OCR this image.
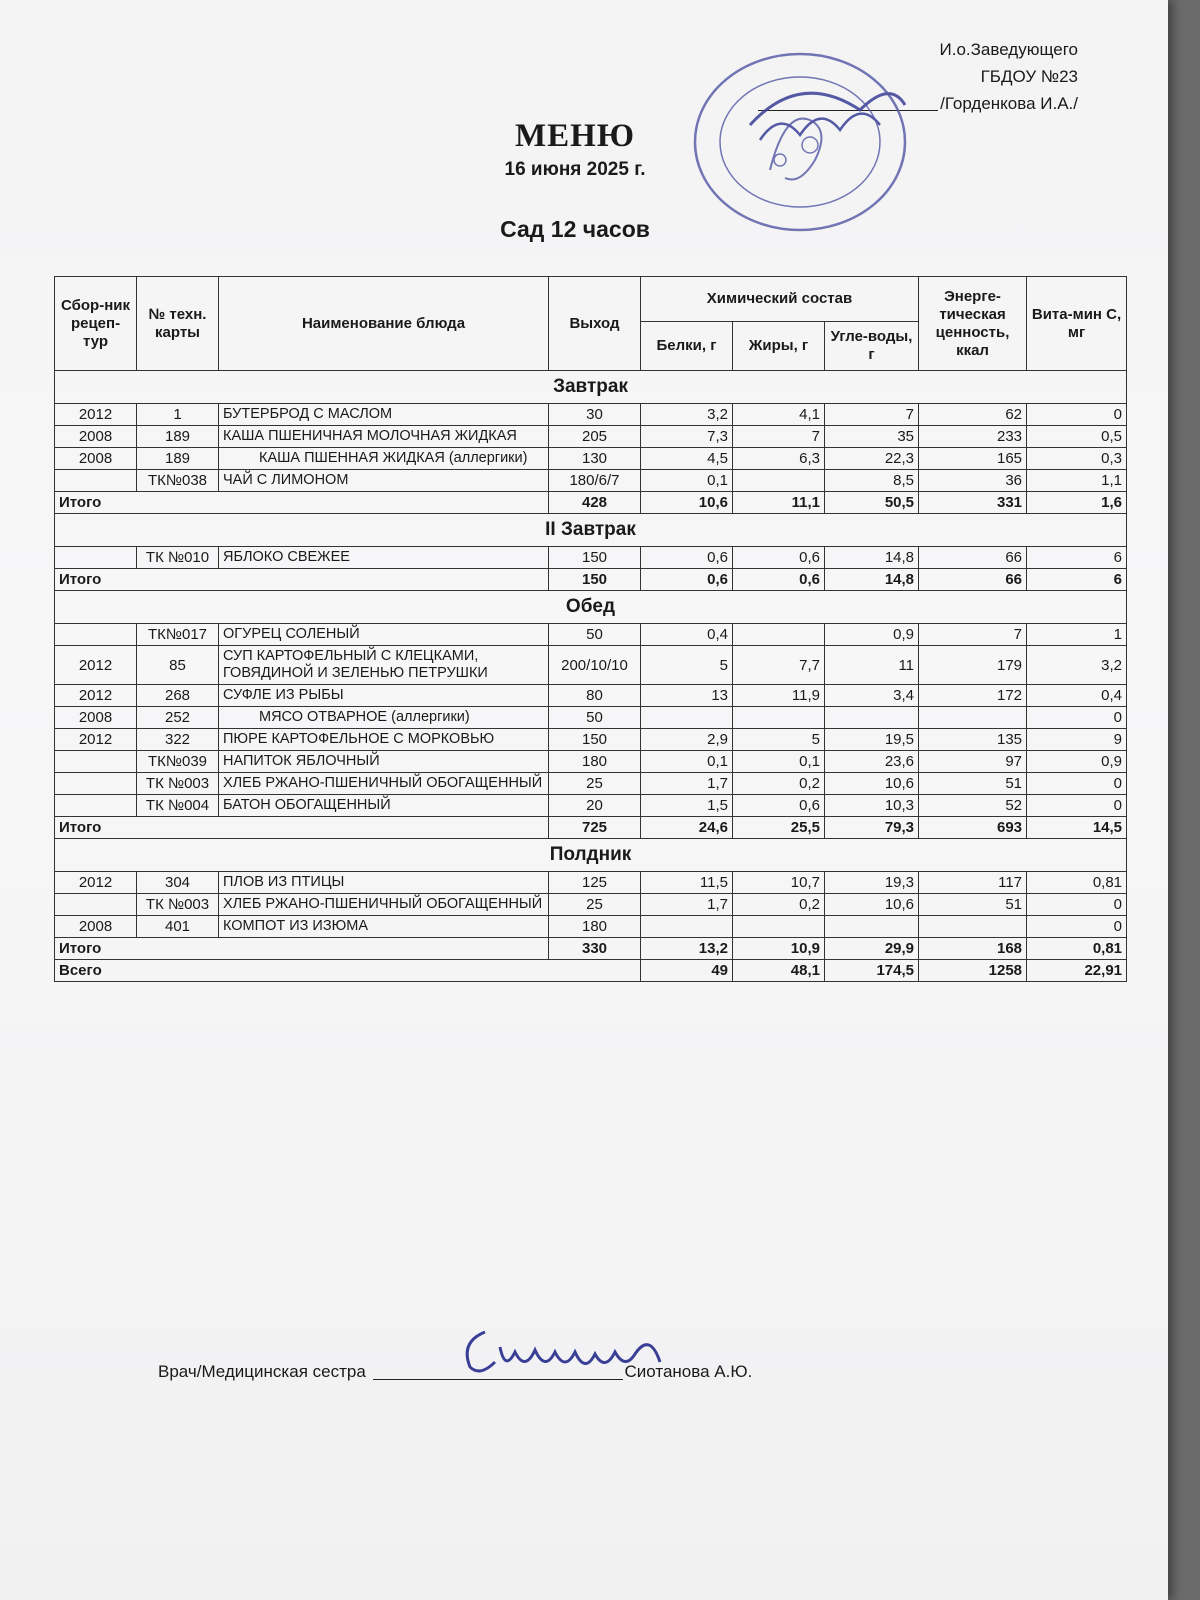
И.о.Заведующего
ГБДОУ №23
/Горденкова И.А./
МЕНЮ
16 июня 2025 г.
Сад 12 часов
Сбор-ник рецеп-тур	№ техн. карты	Наименование блюда	Выход	Химический состав			Энерге-тическая ценность, ккал	Вита-мин С, мг
				Белки, г	Жиры, г	Угле-воды, г		
Завтрак								
2012	1	БУТЕРБРОД С МАСЛОМ	30	3,2	4,1	7	62	0
2008	189	КАША ПШЕНИЧНАЯ МОЛОЧНАЯ ЖИДКАЯ	205	7,3	7	35	233	0,5
2008	189	КАША ПШЕННАЯ ЖИДКАЯ (аллергики)	130	4,5	6,3	22,3	165	0,3
	ТК№038	ЧАЙ С ЛИМОНОМ	180/6/7	0,1		8,5	36	1,1
Итого			428	10,6	11,1	50,5	331	1,6
II Завтрак								
	ТК №010	ЯБЛОКО СВЕЖЕЕ	150	0,6	0,6	14,8	66	6
Итого			150	0,6	0,6	14,8	66	6
Обед								
	ТК№017	ОГУРЕЦ СОЛЕНЫЙ	50	0,4		0,9	7	1
2012	85	СУП КАРТОФЕЛЬНЫЙ С КЛЕЦКАМИ, ГОВЯДИНОЙ И ЗЕЛЕНЬЮ ПЕТРУШКИ	200/10/10	5	7,7	11	179	3,2
2012	268	СУФЛЕ ИЗ РЫБЫ	80	13	11,9	3,4	172	0,4
2008	252	МЯСО ОТВАРНОЕ (аллергики)	50					0
2012	322	ПЮРЕ КАРТОФЕЛЬНОЕ С МОРКОВЬЮ	150	2,9	5	19,5	135	9
	ТК№039	НАПИТОК ЯБЛОЧНЫЙ	180	0,1	0,1	23,6	97	0,9
	ТК №003	ХЛЕБ РЖАНО-ПШЕНИЧНЫЙ ОБОГАЩЕННЫЙ	25	1,7	0,2	10,6	51	0
	ТК №004	БАТОН ОБОГАЩЕННЫЙ	20	1,5	0,6	10,3	52	0
Итого			725	24,6	25,5	79,3	693	14,5
Полдник								
2012	304	ПЛОВ ИЗ ПТИЦЫ	125	11,5	10,7	19,3	117	0,81
	ТК №003	ХЛЕБ РЖАНО-ПШЕНИЧНЫЙ ОБОГАЩЕННЫЙ	25	1,7	0,2	10,6	51	0
2008	401	КОМПОТ ИЗ ИЗЮМА	180					0
Итого			330	13,2	10,9	29,9	168	0,81
Всего				49	48,1	174,5	1258	22,91
Врач/Медицинская сестра	Сиотанова А.Ю.
